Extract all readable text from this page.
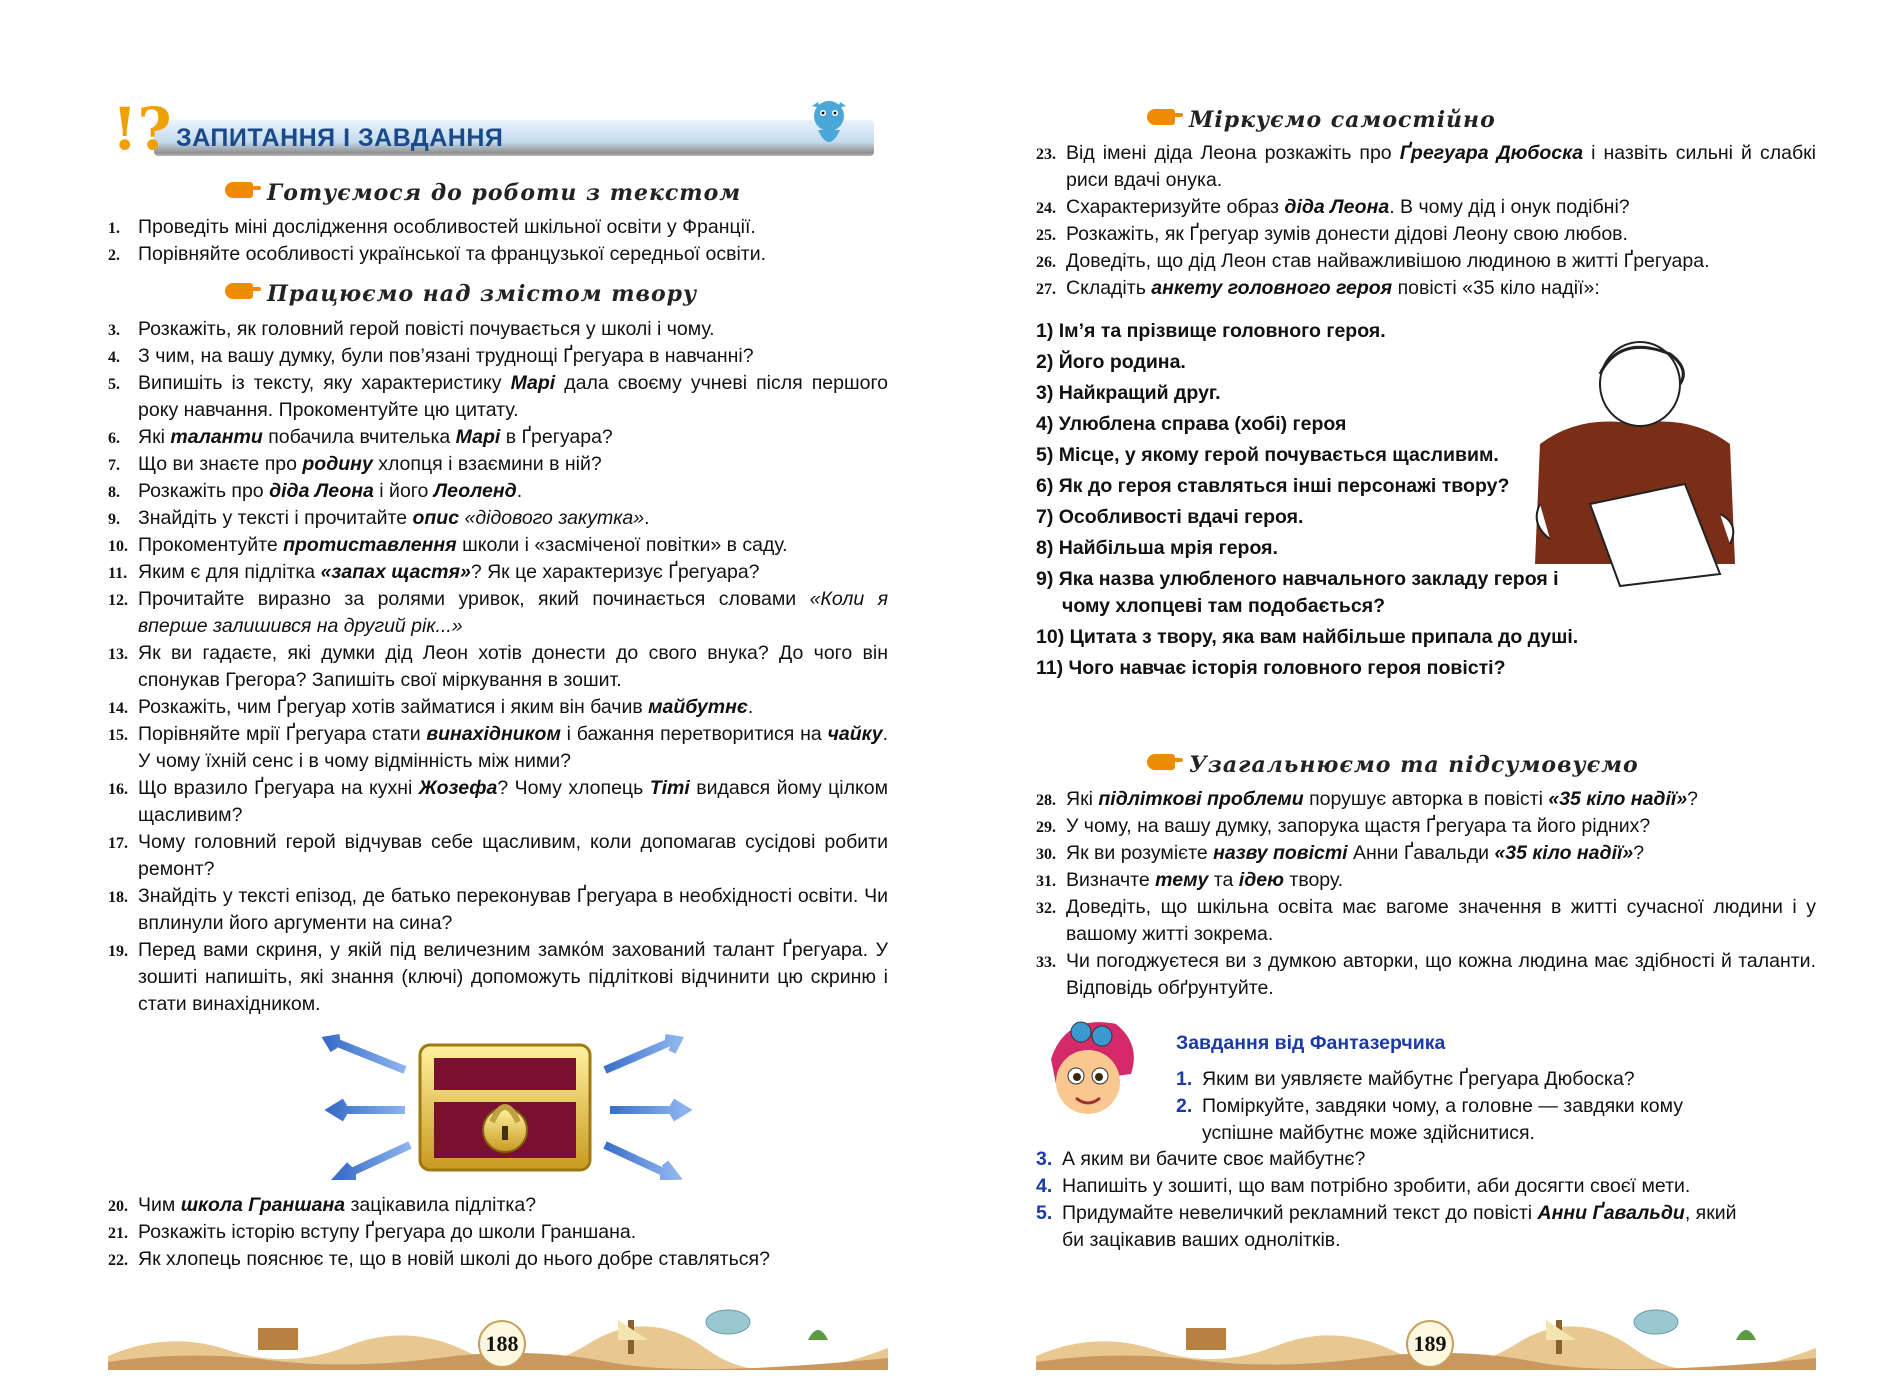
!? ЗАПИТАННЯ І ЗАВДАННЯ
Готуємося до роботи з текстом
1. Проведіть міні дослідження особливостей шкільної освіти у Франції.
2. Порівняйте особливості української та французької середньої освіти.
Працюємо над змістом твору
3. Розкажіть, як головний герой повісті почувається у школі і чому.
4. З чим, на вашу думку, були пов’язані труднощі Ґрегуара в навчанні?
5. Випишіть із тексту, яку характеристику Марі дала своєму учневі після першого року навчання. Прокоментуйте цю цитату.
6. Які таланти побачила вчителька Марі в Ґрегуара?
7. Що ви знаєте про родину хлопця і взаємини в ній?
8. Розкажіть про діда Леона і його Леоленд.
9. Знайдіть у тексті і прочитайте опис «дідового закутка».
10. Прокоментуйте протиставлення школи і «засміченої повітки» в саду.
11. Яким є для підлітка «запах щастя»? Як це характеризує Ґрегуара?
12. Прочитайте виразно за ролями уривок, який починається словами «Коли я вперше залишився на другий рік...»
13. Як ви гадаєте, які думки дід Леон хотів донести до свого внука? До чого він спонукав Грегора? Запишіть свої міркування в зошит.
14. Розкажіть, чим Ґрегуар хотів займатися і яким він бачив майбутнє.
15. Порівняйте мрії Ґрегуара стати винахідником і бажання перетворитися на чайку. У чому їхній сенс і в чому відмінність між ними?
16. Що вразило Ґрегуара на кухні Жозефа? Чому хлопець Тіті видався йому цілком щасливим?
17. Чому головний герой відчував себе щасливим, коли допомагав сусідові робити ремонт?
18. Знайдіть у тексті епізод, де батько переконував Ґрегуара в необхідності освіти. Чи вплинули його аргументи на сина?
19. Перед вами скриня, у якій під величезним замко́м захований талант Ґрегуара. У зошиті напишіть, які знання (ключі) допоможуть підліткові відчинити цю скриню і стати винахідником.
20. Чим школа Граншана зацікавила підлітка?
21. Розкажіть історію вступу Ґрегуара до школи Граншана.
22. Як хлопець пояснює те, що в новій школі до нього добре ставляться?
188
Міркуємо самостійно
23. Від імені діда Леона розкажіть про Ґрегуара Дюбоска і назвіть сильні й слабкі риси вдачі онука.
24. Схарактеризуйте образ діда Леона. В чому дід і онук подібні?
25. Розкажіть, як Ґрегуар зумів донести дідові Леону свою любов.
26. Доведіть, що дід Леон став найважливішою людиною в житті Ґрегуара.
27. Складіть анкету головного героя повісті «35 кіло надії»:
1) Ім’я та прізвище головного героя.
2) Його родина.
3) Найкращий друг.
4) Улюблена справа (хобі) героя
5) Місце, у якому герой почувається щасливим.
6) Як до героя ставляться інші персонажі твору?
7) Особливості вдачі героя.
8) Найбільша мрія героя.
9) Яка назва улюбленого навчального закладу героя і чому хлопцеві там подобається?
10) Цитата з твору, яка вам найбільше припала до душі.
11) Чого навчає історія головного героя повісті?
Узагальнюємо та підсумовуємо
28. Які підліткові проблеми порушує авторка в повісті «35 кіло надії»?
29. У чому, на вашу думку, запорука щастя Ґрегуара та його рідних?
30. Як ви розумієте назву повісті Анни Ґавальди «35 кіло надії»?
31. Визначте тему та ідею твору.
32. Доведіть, що шкільна освіта має вагоме значення в житті сучасної людини і у вашому житті зокрема.
33. Чи погоджуєтеся ви з думкою авторки, що кожна людина має здібності й таланти. Відповідь обґрунтуйте.
Завдання від Фантазерчика
1. Яким ви уявляєте майбутнє Ґрегуара Дюбоска?
2. Поміркуйте, завдяки чому, а головне — завдяки кому успішне майбутнє може здійснитися.
3. А яким ви бачите своє майбутнє?
4. Напишіть у зошиті, що вам потрібно зробити, аби досягти своєї мети.
5. Придумайте невеличкий рекламний текст до повісті Анни Ґавальди, який би зацікавив ваших однолітків.
189
